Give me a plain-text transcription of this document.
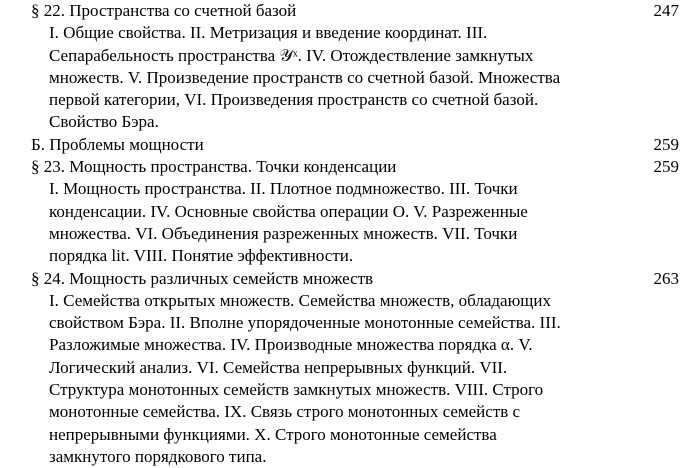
§ 22. Пространства со счетной базой	247
I. Общие свойства. II. Метризация и введение координат. III.
Сепарабельность пространства 𝒴ˣ. IV. Отождествление замкнутых
множеств. V. Произведение пространств со счетной базой. Множества
первой категории, VI. Произведения пространств со счетной базой.
Свойство Бэра.
Б. Проблемы мощности	259
§ 23. Мощность пространства. Точки конденсации	259
I. Мощность пространства. II. Плотное подмножество. III. Точки
конденсации. IV. Основные свойства операции O. V. Разреженные
множества. VI. Объединения разреженных множеств. VII. Точки
порядка lit. VIII. Понятие эффективности.
§ 24. Мощность различных семейств множеств	263
I. Семейства открытых множеств. Семейства множеств, обладающих
свойством Бэра. II. Вполне упорядоченные монотонные семейства. III.
Разложимые множества. IV. Производные множества порядка α. V.
Логический анализ. VI. Семейства непрерывных функций. VII.
Структура монотонных семейств замкнутых множеств. VIII. Строго
монотонные семейства. IX. Связь строго монотонных семейств с
непрерывными функциями. X. Строго монотонные семейства
замкнутого порядкового типа.
